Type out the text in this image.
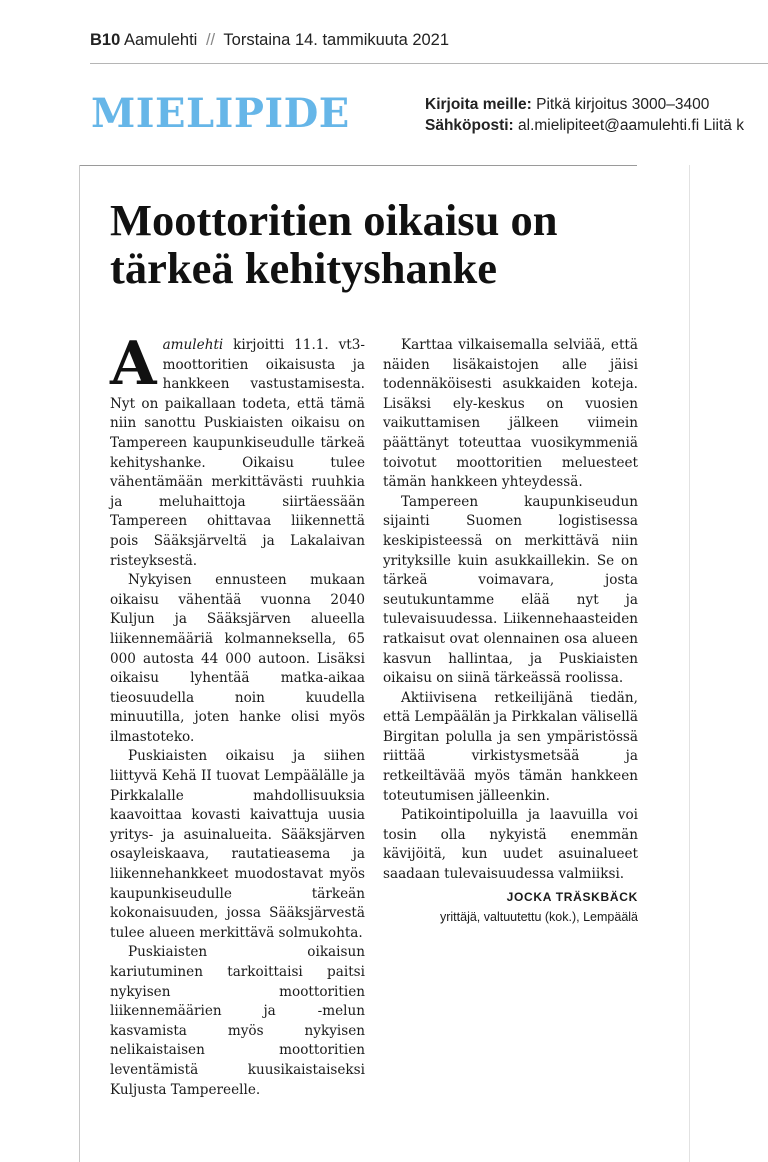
B10 Aamulehti // Torstaina 14. tammikuuta 2021
MIELIPIDE	Kirjoita meille: Pitkä kirjoitus 3000–3400
Sähköposti: al.mielipiteet@aamulehti.fi Liitä k
Moottoritien oikaisu on
tärkeä kehityshanke

Aamulehti kirjoitti 11.1. vt3-moottoritien oikaisusta ja hankkeen vastustamisesta. Nyt on paikallaan todeta, että tämä niin sanottu Puskiaisten oikaisu on Tampereen kaupunkiseudulle tärkeä kehityshanke. Oikaisu tulee vähentämään merkittävästi ruuhkia ja meluhaittoja siirtäessään Tampereen ohittavaa liikennettä pois Sääksjärveltä ja Lakalaivan risteyksestä.

Nykyisen ennusteen mukaan oikaisu vähentää vuonna 2040 Kuljun ja Sääksjärven alueella liikennemääriä kolmanneksella, 65 000 autosta 44 000 autoon. Lisäksi oikaisu lyhentää matka-aikaa tieosuudella noin kuudella minuutilla, joten hanke olisi myös ilmastoteko.

Puskiaisten oikaisu ja siihen liittyvä Kehä II tuovat Lempäälälle ja Pirkkalalle mahdollisuuksia kaavoittaa kovasti kaivattuja uusia yritys- ja asuinalueita. Sääksjärven osayleiskaava, rautatieasema ja liikennehankkeet muodostavat myös kaupunkiseudulle tärkeän kokonaisuuden, jossa Sääksjärvestä tulee alueen merkittävä solmukohta.

Puskiaisten oikaisun kariutuminen tarkoittaisi paitsi nykyisen moottoritien liikennemäärien ja -melun kasvamista myös nykyisen nelikaistaisen moottoritien leventämistä kuusikaistaiseksi Kuljusta Tampereelle.

Karttaa vilkaisemalla selviää, että näiden lisäkaistojen alle jäisi todennäköisesti asukkaiden koteja. Lisäksi ely-keskus on vuosien vaikuttamisen jälkeen viimein päättänyt toteuttaa vuosikymmeniä toivotut moottoritien meluesteet tämän hankkeen yhteydessä.

Tampereen kaupunkiseudun sijainti Suomen logistisessa keskipisteessä on merkittävä niin yrityksille kuin asukkaillekin. Se on tärkeä voimavara, josta seutukuntamme elää nyt ja tulevaisuudessa. Liikennehaasteiden ratkaisut ovat olennainen osa alueen kasvun hallintaa, ja Puskiaisten oikaisu on siinä tärkeässä roolissa.

Aktiivisena retkeilijänä tiedän, että Lempäälän ja Pirkkalan välisellä Birgitan polulla ja sen ympäristössä riittää virkistysmetsää ja retkeiltävää myös tämän hankkeen toteutumisen jälleenkin.

Patikointipoluilla ja laavuilla voi tosin olla nykyistä enemmän kävijöitä, kun uudet asuinalueet saadaan tulevaisuudessa valmiiksi.

JOCKA TRÄSKBÄCK
yrittäjä, valtuutettu (kok.), Lempäälä
